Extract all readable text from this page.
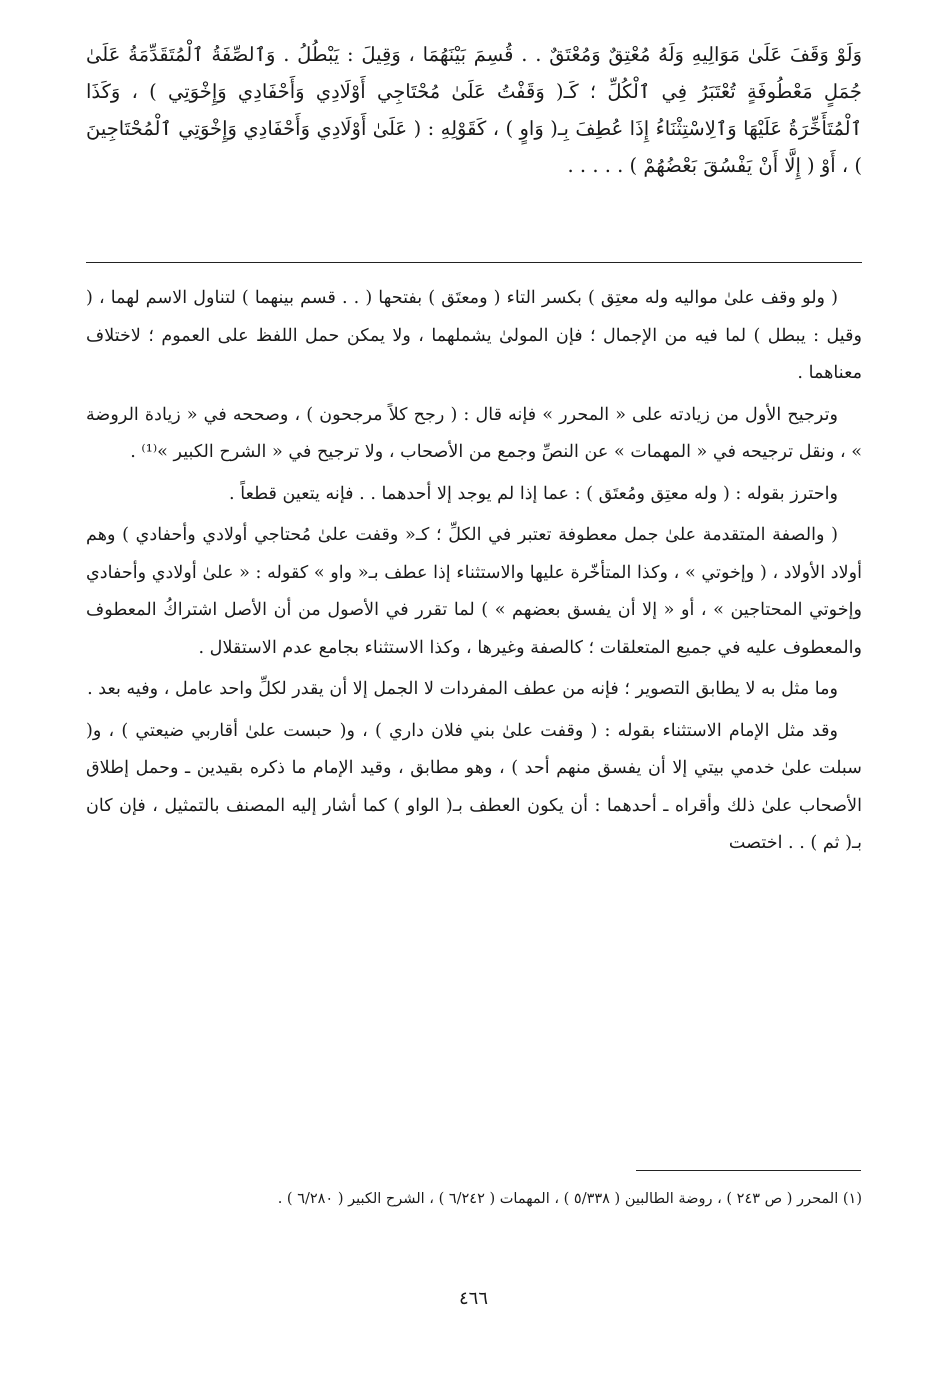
وَلَوْ وَقَفَ عَلَىٰ مَوَالِيهِ وَلَهُ مُعْتِقٌ وَمُعْتَقٌ . . قُسِمَ بَيْنَهُمَا ، وَقِيلَ : يَبْطُلُ . وَٱلصِّفَةُ ٱلْمُتَقَدِّمَةُ عَلَىٰ جُمَلٍ مَعْطُوفَةٍ تُعْتَبَرُ فِي ٱلْكُلِّ ؛ كَـ( وَقَفْتُ عَلَىٰ مُحْتَاجِي أَوْلَادِي وَأَحْفَادِي وَإِخْوَتِي ) ، وَكَذَا ٱلْمُتَأَخِّرَةُ عَلَيْهَا وَٱلِاسْتِثْنَاءُ إِذَا عُطِفَ بِـ( وَاوٍ ) ، كَقَوْلِهِ : ( عَلَىٰ أَوْلَادِي وَأَحْفَادِي وَإِخْوَتِي ٱلْمُحْتَاجِينَ ) ، أَوْ ( إِلَّا أَنْ يَفْسُقَ بَعْضُهُمْ ) . . . . .

( ولو وقف علىٰ مواليه وله معتِق ) بكسر التاء ( ومعتَق ) بفتحها ( . . قسم بينهما ) لتناول الاسم لهما ، ( وقيل : يبطل ) لما فيه من الإجمال ؛ فإن المولىٰ يشملهما ، ولا يمكن حمل اللفظ على العموم ؛ لاختلاف معناهما .

وترجيح الأول من زيادته على « المحرر » فإنه قال : ( رجح كلاً مرجحون ) ، وصححه في « زيادة الروضة » ، ونقل ترجيحه في « المهمات » عن النصِّ وجمع من الأصحاب ، ولا ترجيح في « الشرح الكبير »⁽¹⁾ .

واحترز بقوله : ( وله معتِق ومُعتَق ) : عما إذا لم يوجد إلا أحدهما . . فإنه يتعين قطعاً .

( والصفة المتقدمة علىٰ جمل معطوفة تعتبر في الكلِّ ؛ كـ« وقفت علىٰ مُحتاجي أولادي وأحفادي ) وهم أولاد الأولاد ، ( وإخوتي » ، وكذا المتأخّرة عليها والاستثناء إذا عطف بـ« واو » كقوله : « علىٰ أولادي وأحفادي وإخوتي المحتاجين » ، أو « إلا أن يفسق بعضهم » ) لما تقرر في الأصول من أن الأصل اشتراكُ المعطوف والمعطوف عليه في جميع المتعلقات ؛ كالصفة وغيرها ، وكذا الاستثناء بجامع عدم الاستقلال .

وما مثل به لا يطابق التصوير ؛ فإنه من عطف المفردات لا الجمل إلا أن يقدر لكلِّ واحد عامل ، وفيه بعد .

وقد مثل الإمام الاستثناء بقوله : ( وقفت علىٰ بني فلان داري ) ، و( حبست علىٰ أقاربي ضيعتي ) ، و( سبلت علىٰ خدمي بيتي إلا أن يفسق منهم أحد ) ، وهو مطابق ، وقيد الإمام ما ذكره بقيدين ـ وحمل إطلاق الأصحاب علىٰ ذلك وأقراه ـ أحدهما : أن يكون العطف بـ( الواو ) كما أشار إليه المصنف بالتمثيل ، فإن كان بـ( ثم ) . . اختصت

(١) المحرر ( ص ٢٤٣ ) ، روضة الطالبين ( ٥/٣٣٨ ) ، المهمات ( ٦/٢٤٢ ) ، الشرح الكبير ( ٦/٢٨٠ ) .

٤٦٦
